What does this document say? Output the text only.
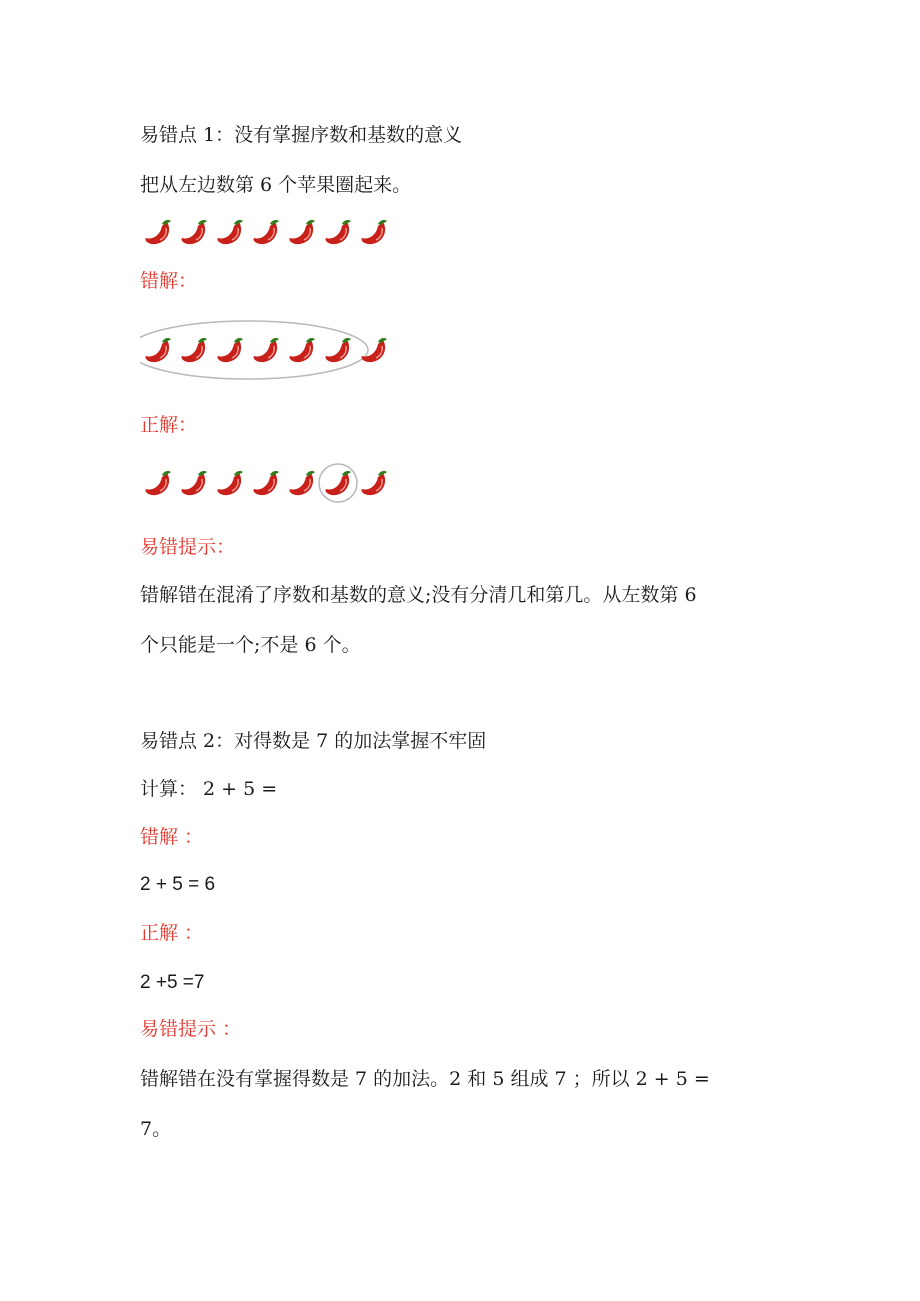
易错点 1：没有掌握序数和基数的意义
把从左边数第 6 个苹果圈起来。
错解：
正解：
易错提示：
错解错在混淆了序数和基数的意义;没有分清几和第几。从左数第 6
个只能是一个;不是 6 个。
易错点 2：对得数是 7 的加法掌握不牢固
计算： 2 + 5 =
错解 ：
2 + 5 = 6
正解 ：
2 +5 =7
易错提示 ：
错解错在没有掌握得数是 7 的加法。2 和 5 组成 7 ；所以 2 + 5 =
7。
